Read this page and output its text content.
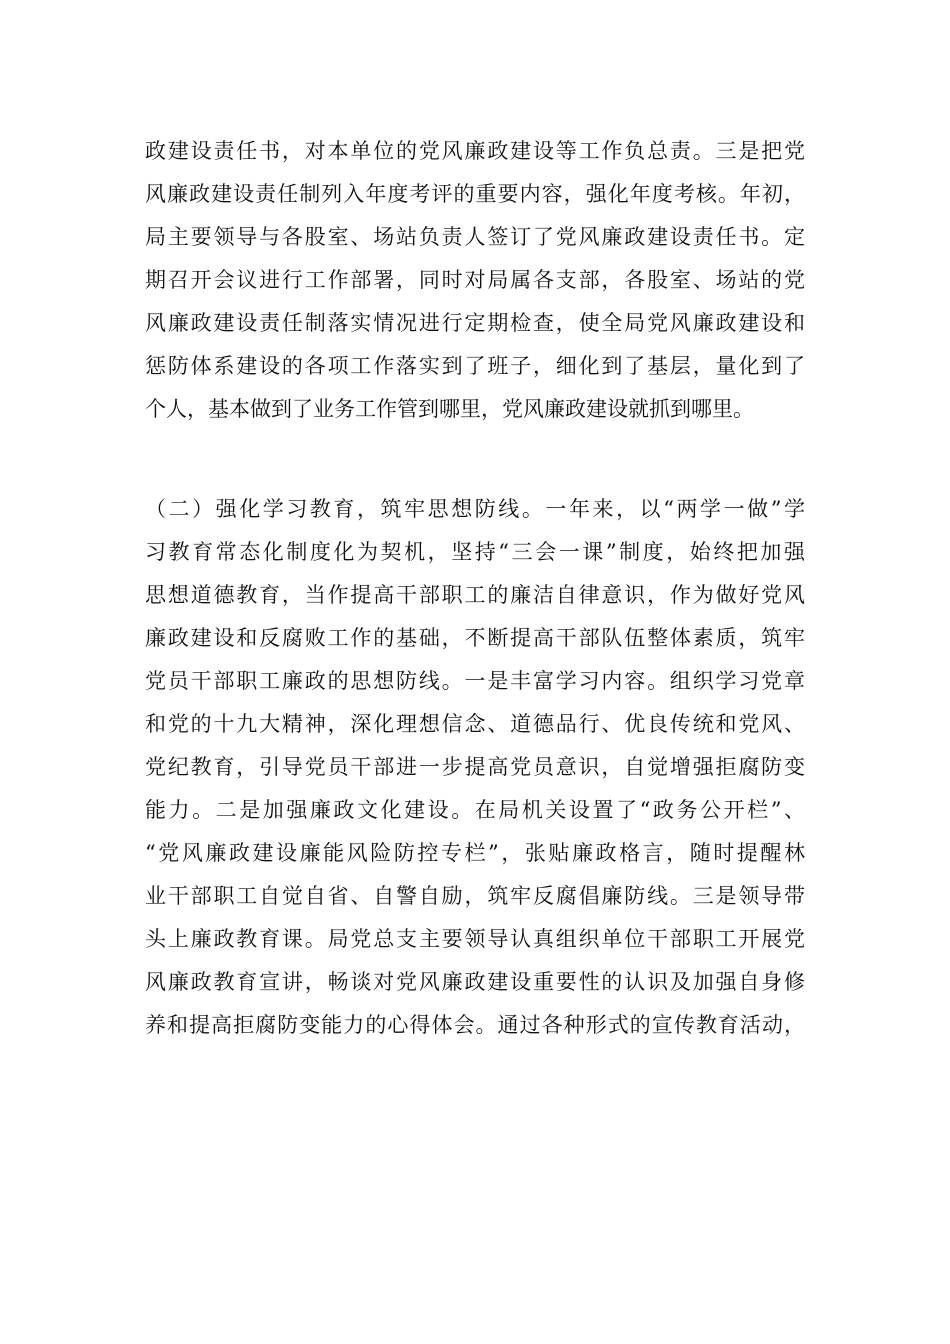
政建设责任书，对本单位的党风廉政建设等工作负总责。三是把党
风廉政建设责任制列入年度考评的重要内容，强化年度考核。年初，
局主要领导与各股室、场站负责人签订了党风廉政建设责任书。定
期召开会议进行工作部署，同时对局属各支部，各股室、场站的党
风廉政建设责任制落实情况进行定期检查，使全局党风廉政建设和
惩防体系建设的各项工作落实到了班子，细化到了基层，量化到了
个人，基本做到了业务工作管到哪里，党风廉政建设就抓到哪里。
（二）强化学习教育，筑牢思想防线。一年来，以“两学一做”学
习教育常态化制度化为契机，坚持“三会一课”制度，始终把加强
思想道德教育，当作提高干部职工的廉洁自律意识，作为做好党风
廉政建设和反腐败工作的基础，不断提高干部队伍整体素质，筑牢
党员干部职工廉政的思想防线。一是丰富学习内容。组织学习党章
和党的十九大精神，深化理想信念、道德品行、优良传统和党风、
党纪教育，引导党员干部进一步提高党员意识，自觉增强拒腐防变
能力。二是加强廉政文化建设。在局机关设置了“政务公开栏”、
“党风廉政建设廉能风险防控专栏”，张贴廉政格言，随时提醒林
业干部职工自觉自省、自警自励，筑牢反腐倡廉防线。三是领导带
头上廉政教育课。局党总支主要领导认真组织单位干部职工开展党
风廉政教育宣讲，畅谈对党风廉政建设重要性的认识及加强自身修
养和提高拒腐防变能力的心得体会。通过各种形式的宣传教育活动，
